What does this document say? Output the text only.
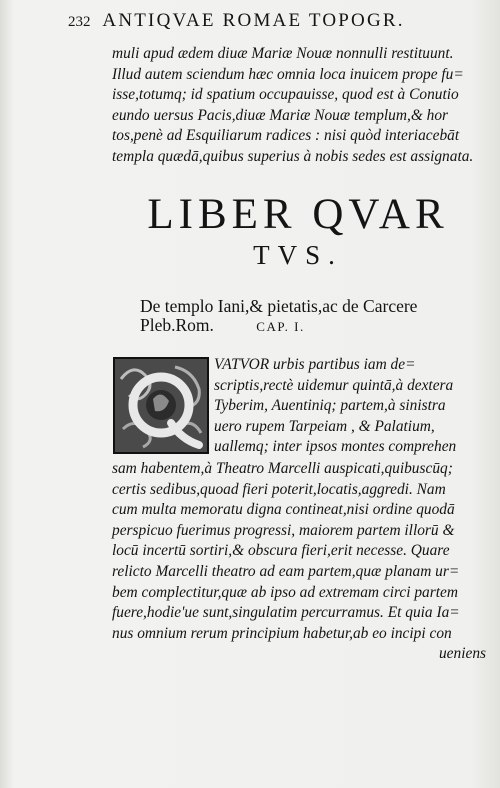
232 ANTIQVAE ROMAE TOPOGR.
muli apud ædem diuæ Mariæ Nouæ nonnulli restituunt.
Illud autem sciendum hæc omnia loca inuicem prope fu=
isse,totumq; id spatium occupauisse, quod est à Conutio
eundo uersus Pacis,diuæ Mariæ Nouæ templum,& hor
tos,penè ad Esquiliarum radices : nisi quòd interiacebāt
templa quædā,quibus superius à nobis sedes est assignata.
LIBER QVAR
TVS.
De templo Iani,& pietatis,ac de Carcere
Pleb.Rom.	CAP. I.
VATVOR urbis partibus iam de=
scriptis,rectè uidemur quintā,à dextera
Tyberim, Auentiniq; partem,à sinistra
uero rupem Tarpeiam , & Palatium,
uallemq; inter ipsos montes comprehen
sam habentem,à Theatro Marcelli auspicati,quibuscūq;
certis sedibus,quoad fieri poterit,locatis,aggredi. Nam
cum multa memoratu digna contineat,nisi ordine quodā
perspicuo fuerimus progressi, maiorem partem illorū &
locū incertū sortiri,& obscura fieri,erit necesse. Quare
relicto Marcelli theatro ad eam partem,quæ planam ur=
bem complectitur,quæ ab ipso ad extremam circi partem
fuere,hodie'ue sunt,singulatim percurramus. Et quia Ia=
nus omnium rerum principium habetur,ab eo incipi con
ueniens
